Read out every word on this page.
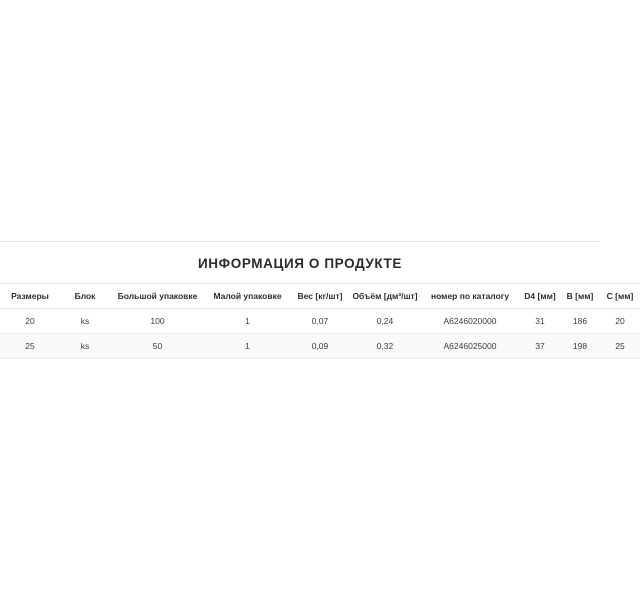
ИНФОРМАЦИЯ О ПРОДУКТЕ
Размеры	Блок	Большой упаковке	Малой упаковке	Вес [кг/шт]	Объём [дм³/шт]	номер по каталогу	D4 [мм]	B [мм]	C [мм]
20	ks	100	1	0,07	0,24	A6246020000	31	186	20
25	ks	50	1	0,09	0,32	A6246025000	37	198	25
